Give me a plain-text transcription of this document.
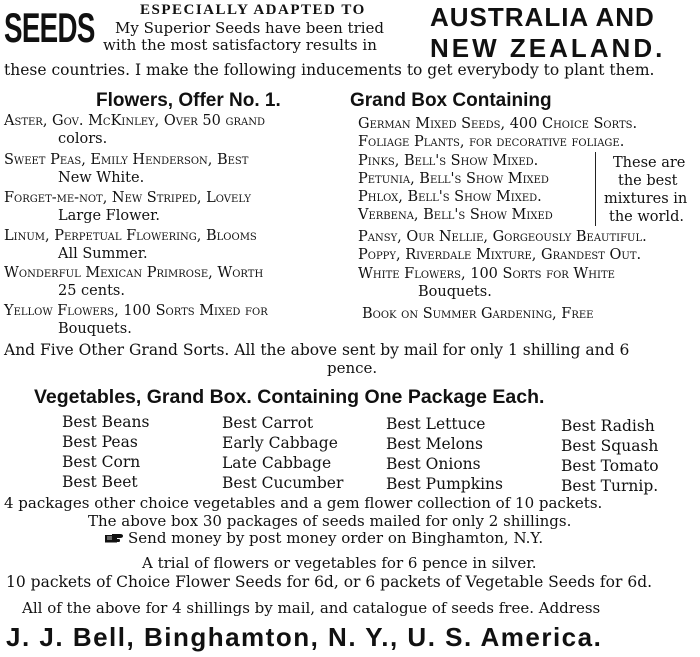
SEEDS	ESPECIALLY ADAPTED TO
My Superior Seeds have been tried
with the most satisfactory results in
AUSTRALIA AND
NEW ZEALAND.
these countries. I make the following inducements to get everybody to plant them.
Flowers, Offer No. 1.
Aster, Gov. McKinley, Over 50 grand
colors.
Sweet Peas, Emily Henderson, Best
New White.
Forget-me-not, New Striped, Lovely
Large Flower.
Linum, Perpetual Flowering, Blooms
All Summer.
Wonderful Mexican Primrose, Worth
25 cents.
Yellow Flowers, 100 Sorts Mixed for
Bouquets.
Grand Box Containing
German Mixed Seeds, 400 Choice Sorts.
Foliage Plants, for decorative foliage.
Pinks, Bell's Show Mixed.
Petunia, Bell's Show Mixed
Phlox, Bell's Show Mixed.
Verbena, Bell's Show Mixed
These are
the best
mixtures in
the world.
Pansy, Our Nellie, Gorgeously Beautiful.
Poppy, Riverdale Mixture, Grandest Out.
White Flowers, 100 Sorts for White
Bouquets.
Book on Summer Gardening, Free
And Five Other Grand Sorts. All the above sent by mail for only 1 shilling and 6
pence.
Vegetables, Grand Box. Containing One Package Each.
Best Beans
Best Peas
Best Corn
Best Beet
Best Carrot
Early Cabbage
Late Cabbage
Best Cucumber
Best Lettuce
Best Melons
Best Onions
Best Pumpkins
Best Radish
Best Squash
Best Tomato
Best Turnip.
4 packages other choice vegetables and a gem flower collection of 10 packets.
The above box 30 packages of seeds mailed for only 2 shillings.
Send money by post money order on Binghamton, N.Y.
A trial of flowers or vegetables for 6 pence in silver.
10 packets of Choice Flower Seeds for 6d, or 6 packets of Vegetable Seeds for 6d.
All of the above for 4 shillings by mail, and catalogue of seeds free. Address
J. J. Bell, Binghamton, N. Y., U. S. America.
